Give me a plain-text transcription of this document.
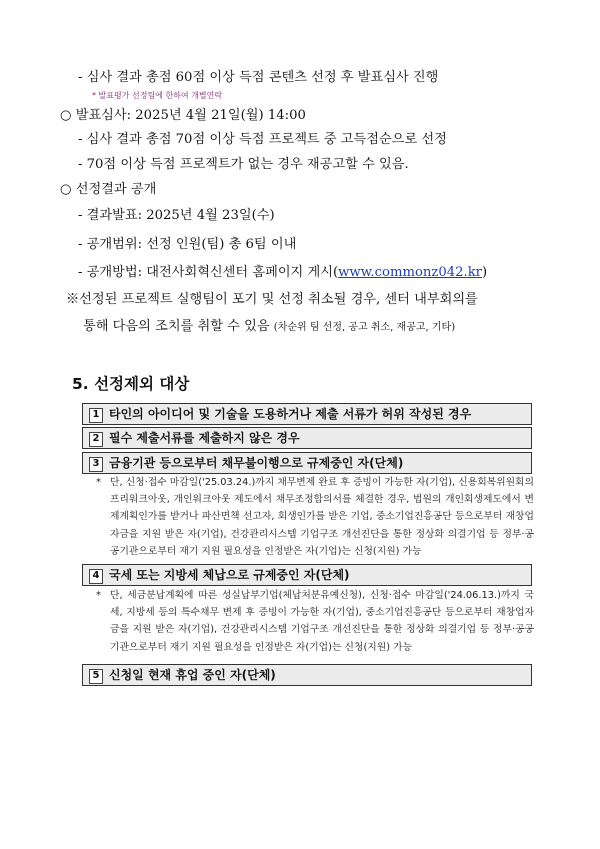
- 심사 결과 총점 60점 이상 득점 콘텐츠 선정 후 발표심사 진행
* 발표평가 선정팀에 한하여 개별연락
○ 발표심사: 2025년 4월 21일(월) 14:00
- 심사 결과 총점 70점 이상 득점 프로젝트 중 고득점순으로 선정
- 70점 이상 득점 프로젝트가 없는 경우 재공고할 수 있음.
○ 선정결과 공개
- 결과발표: 2025년 4월 23일(수)
- 공개범위: 선정 인원(팀) 총 6팀 이내
- 공개방법: 대전사회혁신센터 홈페이지 게시(www.commonz042.kr)
※선정된 프로젝트 실행팀이 포기 및 선정 취소될 경우, 센터 내부회의를
통해 다음의 조치를 취할 수 있음 (차순위 팀 선정, 공고 취소, 재공고, 기타)
5. 선정제외 대상
1 타인의 아이디어 및 기술을 도용하거나 제출 서류가 허위 작성된 경우
2 필수 제출서류를 제출하지 않은 경우
3 금융기관 등으로부터 채무불이행으로 규제중인 자(단체)
* 단, 신청·접수 마감일('25.03.24.)까지 채무변제 완료 후 증빙이 가능한 자(기업), 신용회복위원회의 프리워크아웃, 개인워크아웃 제도에서 채무조정합의서를 체결한 경우, 법원의 개인회생제도에서 변제계획인가를 받거나 파산면책 선고자, 회생인가를 받은 기업, 중소기업진흥공단 등으로부터 재창업자금을 지원 받은 자(기업), 건강관리시스템 기업구조 개선진단을 통한 정상화 의결기업 등 정부·공공기관으로부터 재기 지원 필요성을 인정받은 자(기업)는 신청(지원) 가능
4 국세 또는 지방세 체납으로 규제중인 자(단체)
* 단, 세금분납계획에 따른 성실납부기업(체납처분유예신청), 신청·접수 마감일('24.06.13.)까지 국세, 지방세 등의 특수채무 변제 후 증빙이 가능한 자(기업), 중소기업진흥공단 등으로부터 재창업자금을 지원 받은 자(기업), 건강관리시스템 기업구조 개선진단을 통한 정상화 의결기업 등 정부·공공기관으로부터 재기 지원 필요성을 인정받은 자(기업)는 신청(지원) 가능
5 신청일 현재 휴업 중인 자(단체)
